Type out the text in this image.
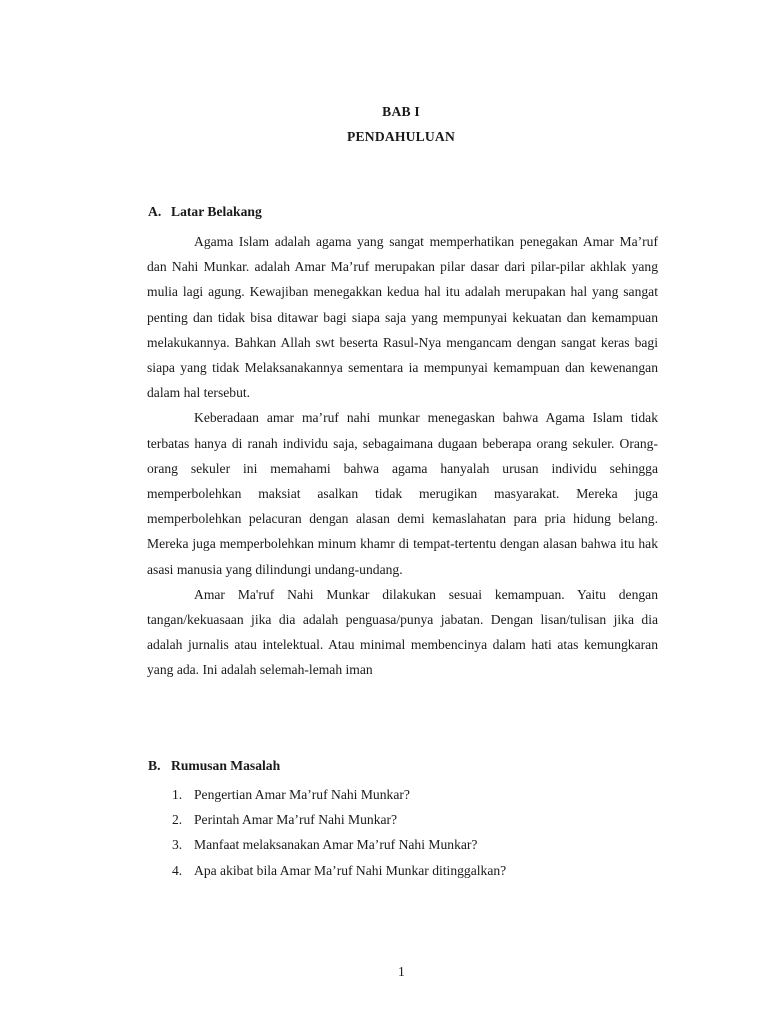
BAB I
PENDAHULUAN
A. Latar Belakang

Agama Islam adalah agama yang sangat memperhatikan penegakan Amar Ma’ruf dan Nahi Munkar. adalah Amar Ma’ruf merupakan pilar dasar dari pilar-pilar akhlak yang mulia lagi agung. Kewajiban menegakkan kedua hal itu adalah merupakan hal yang sangat penting dan tidak bisa ditawar bagi siapa saja yang mempunyai kekuatan dan kemampuan melakukannya. Bahkan Allah swt beserta Rasul-Nya mengancam dengan sangat keras bagi siapa yang tidak Melaksanakannya sementara ia mempunyai kemampuan dan kewenangan dalam hal tersebut.

Keberadaan amar ma’ruf nahi munkar menegaskan bahwa Agama Islam tidak terbatas hanya di ranah individu saja, sebagaimana dugaan beberapa orang sekuler. Orang-orang sekuler ini memahami bahwa agama hanyalah urusan individu sehingga memperbolehkan maksiat asalkan tidak merugikan masyarakat. Mereka juga memperbolehkan pelacuran dengan alasan demi kemaslahatan para pria hidung belang. Mereka juga memperbolehkan minum khamr di tempat-tertentu dengan alasan bahwa itu hak asasi manusia yang dilindungi undang-undang.

Amar Ma'ruf Nahi Munkar dilakukan sesuai kemampuan. Yaitu dengan tangan/kekuasaan jika dia adalah penguasa/punya jabatan. Dengan lisan/tulisan jika dia adalah jurnalis atau intelektual. Atau minimal membencinya dalam hati atas kemungkaran yang ada. Ini adalah selemah-lemah iman

B. Rumusan Masalah
1. Pengertian Amar Ma’ruf Nahi Munkar?
2. Perintah Amar Ma’ruf Nahi Munkar?
3. Manfaat melaksanakan Amar Ma’ruf Nahi Munkar?
4. Apa akibat bila Amar Ma’ruf Nahi Munkar ditinggalkan?
1
